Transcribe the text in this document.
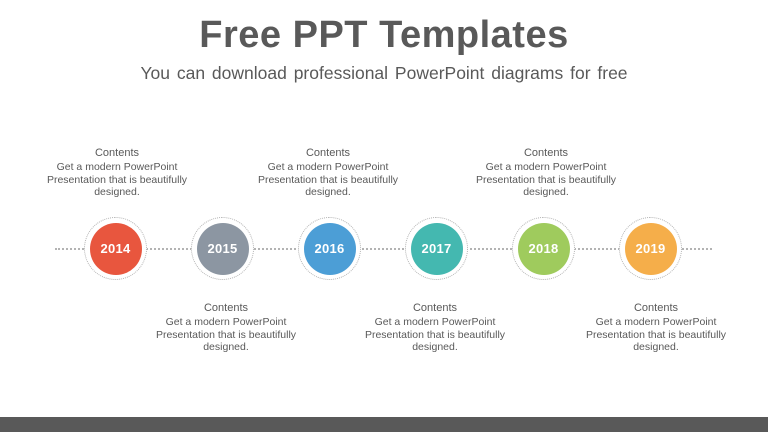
Free PPT Templates
You can download professional PowerPoint diagrams for free
2014	2015	2016	2017	2018	2019

Contents

Get a modern PowerPoint Presentation that is beautifully designed.

Contents

Get a modern PowerPoint Presentation that is beautifully designed.

Contents

Get a modern PowerPoint Presentation that is beautifully designed.

Contents

Get a modern PowerPoint Presentation that is beautifully designed.

Contents

Get a modern PowerPoint Presentation that is beautifully designed.

Contents

Get a modern PowerPoint Presentation that is beautifully designed.
